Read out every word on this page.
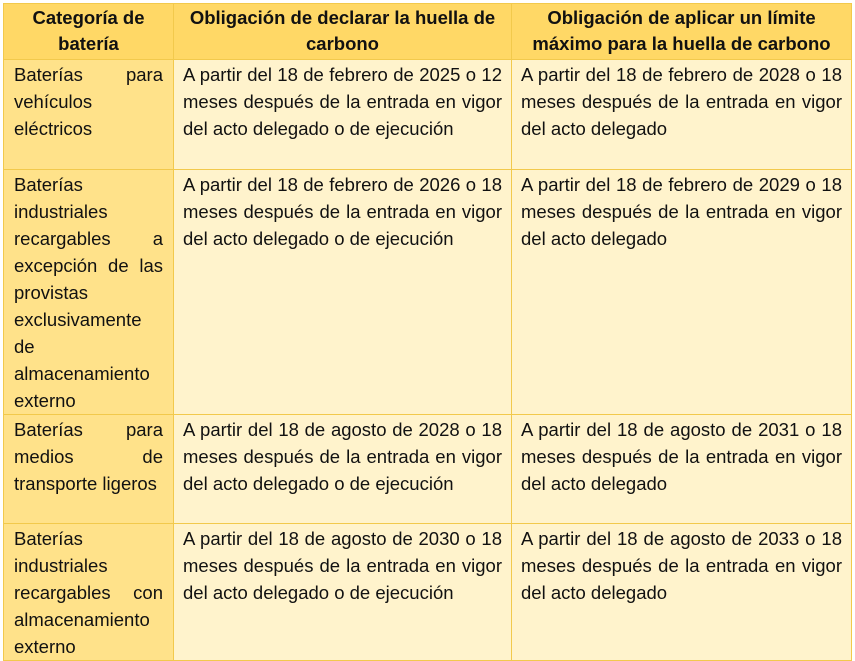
Categoría de batería	Obligación de declarar la huella de carbono	Obligación de aplicar un límite máximo para la huella de carbono
Baterías para vehículos eléctricos	A partir del 18 de febrero de 2025 o 12 meses después de la entrada en vigor del acto delegado o de ejecución	A partir del 18 de febrero de 2028 o 18 meses después de la entrada en vigor del acto delegado
Baterías industriales recargables a excepción de las provistas exclusivamente de almacenamiento externo	A partir del 18 de febrero de 2026 o 18 meses después de la entrada en vigor del acto delegado o de ejecución	A partir del 18 de febrero de 2029 o 18 meses después de la entrada en vigor del acto delegado
Baterías para medios de transporte ligeros	A partir del 18 de agosto de 2028 o 18 meses después de la entrada en vigor del acto delegado o de ejecución	A partir del 18 de agosto de 2031 o 18 meses después de la entrada en vigor del acto delegado
Baterías industriales recargables con almacenamiento externo	A partir del 18 de agosto de 2030 o 18 meses después de la entrada en vigor del acto delegado o de ejecución	A partir del 18 de agosto de 2033 o 18 meses después de la entrada en vigor del acto delegado
